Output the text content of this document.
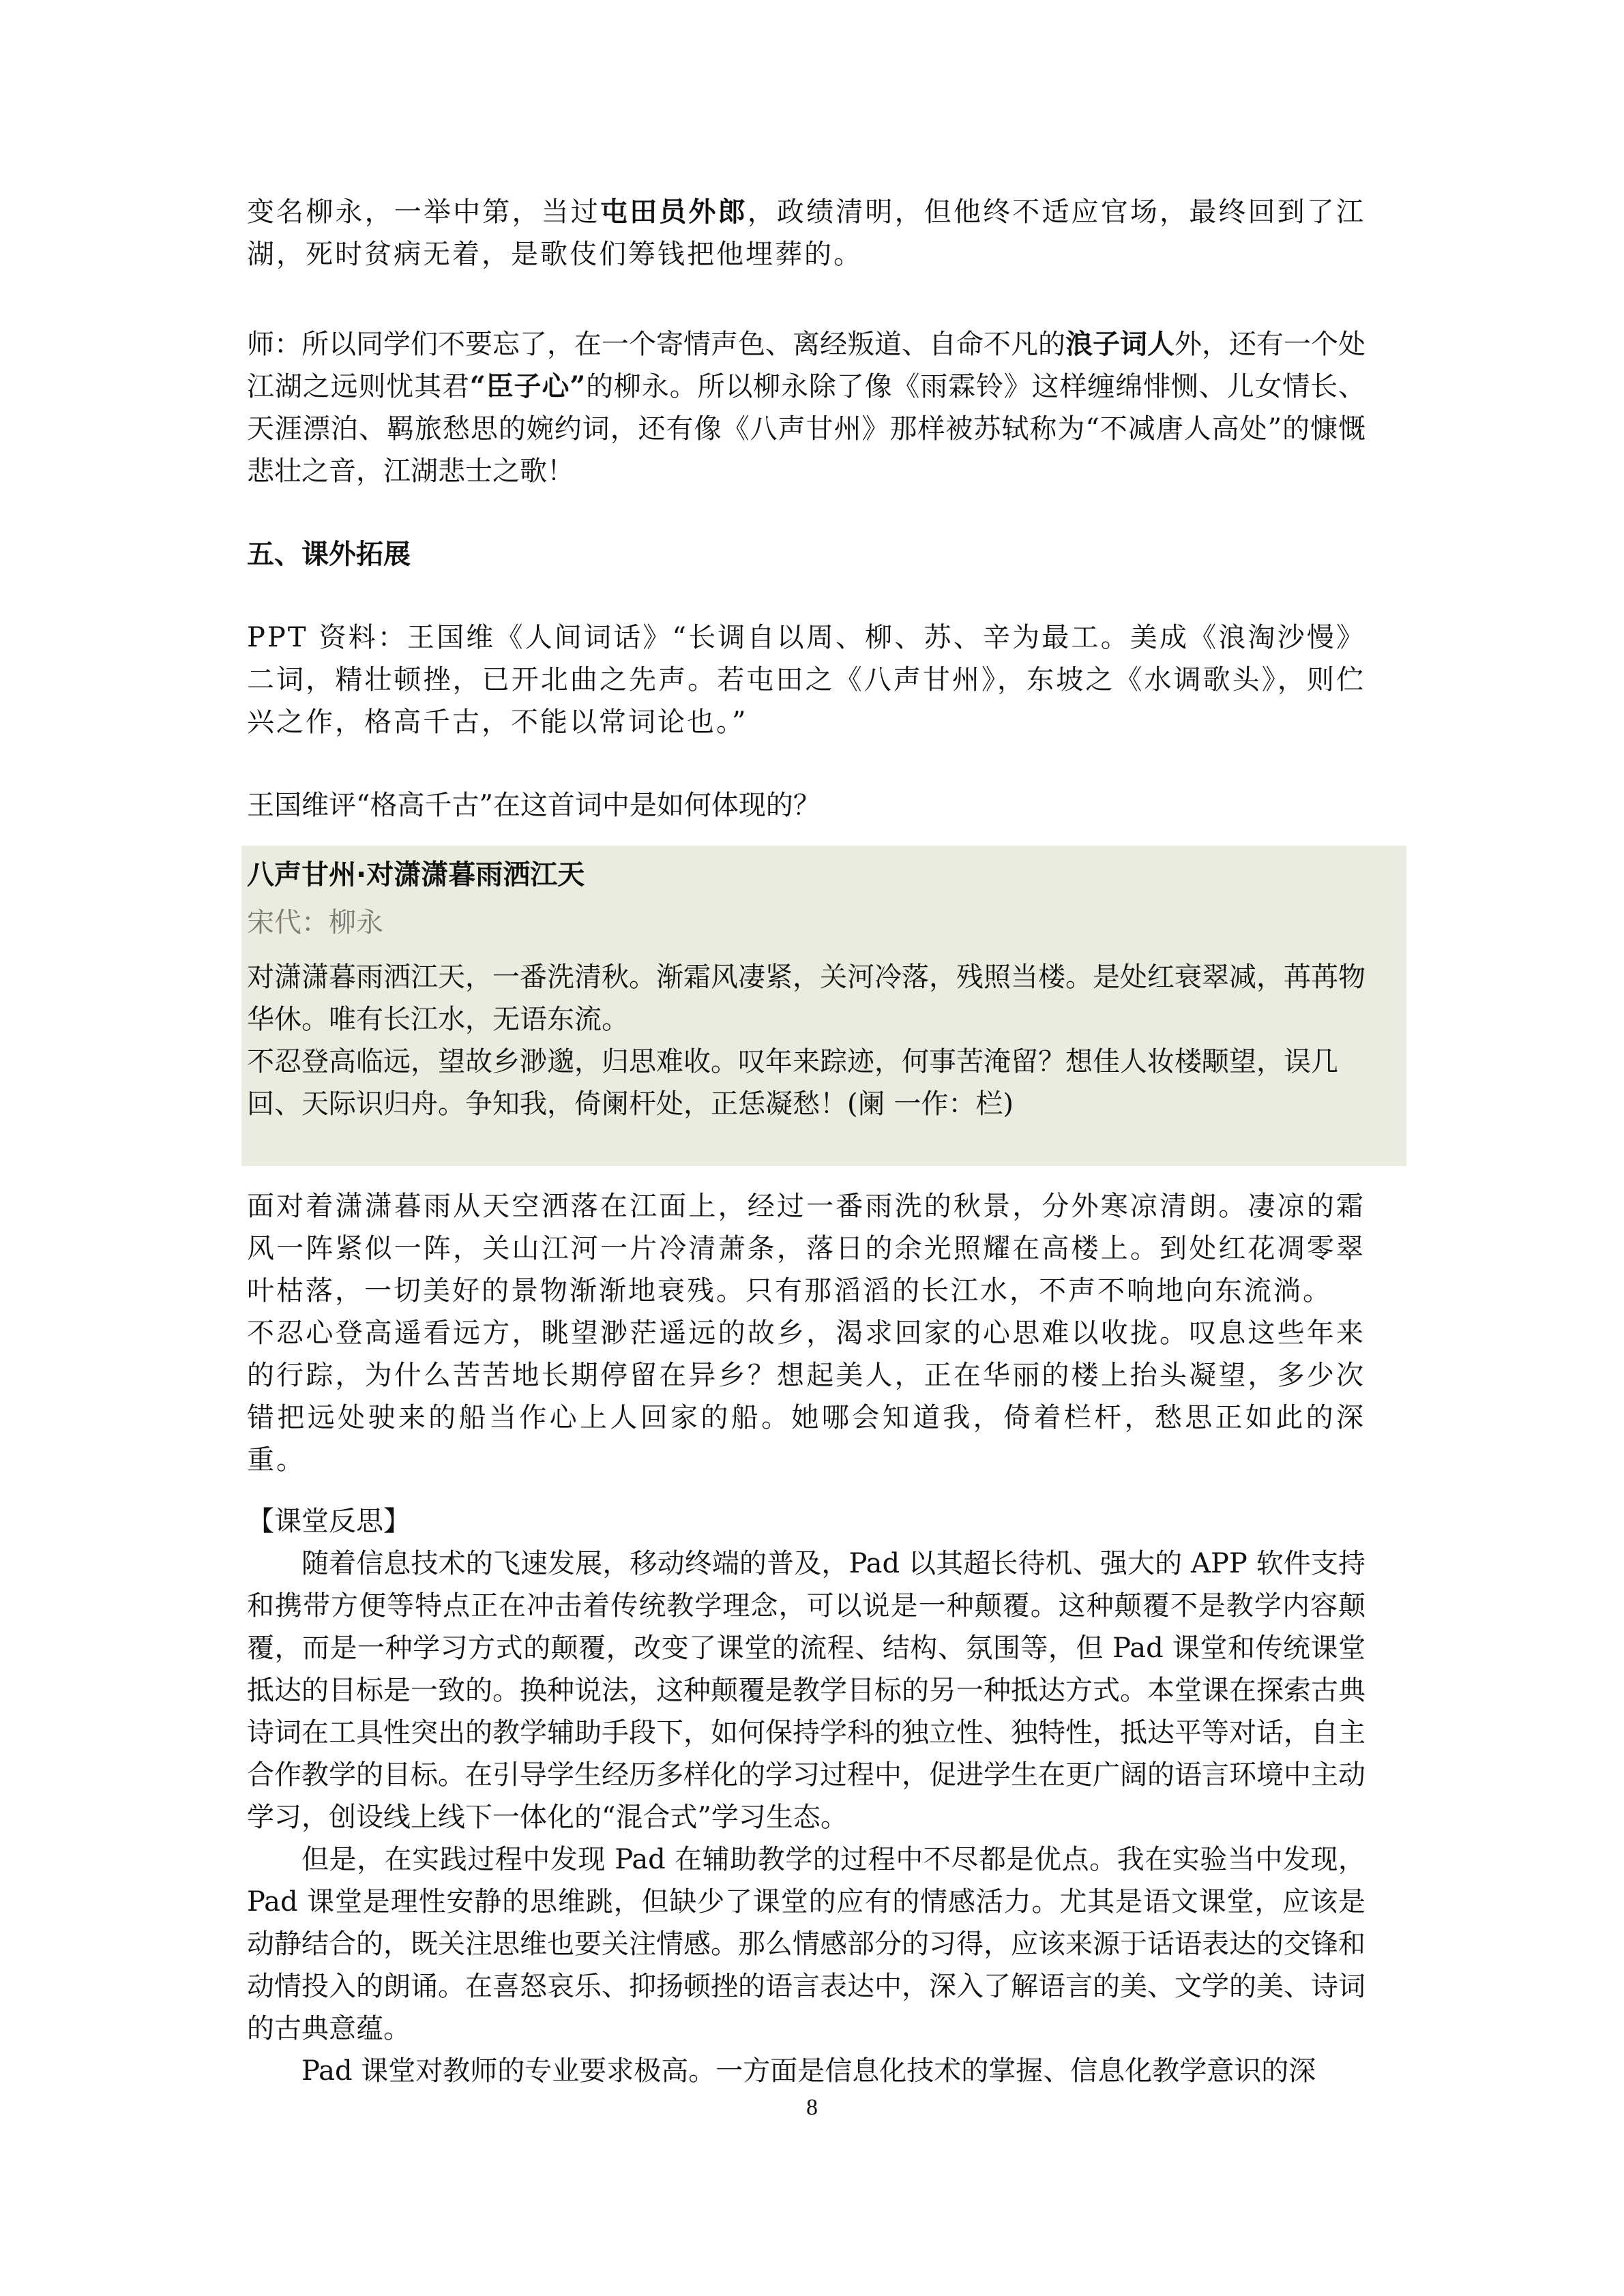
变名柳永，一举中第，当过屯田员外郎，政绩清明，但他终不适应官场，最终回到了江湖，死时贫病无着，是歌伎们筹钱把他埋葬的。

师：所以同学们不要忘了，在一个寄情声色、离经叛道、自命不凡的浪子词人外，还有一个处江湖之远则忧其君“臣子心”的柳永。所以柳永除了像《雨霖铃》这样缠绵悱恻、儿女情长、天涯漂泊、羁旅愁思的婉约词，还有像《八声甘州》那样被苏轼称为“不减唐人高处”的慷慨悲壮之音，江湖悲士之歌！

五、课外拓展

PPT 资料：王国维《人间词话》“长调自以周、柳、苏、辛为最工。美成《浪淘沙慢》二词，精壮顿挫，已开北曲之先声。若屯田之《八声甘州》，东坡之《水调歌头》，则伫兴之作，格高千古，不能以常词论也。”

王国维评“格高千古”在这首词中是如何体现的？

八声甘州·对潇潇暮雨洒江天

宋代：柳永

对潇潇暮雨洒江天，一番洗清秋。渐霜风凄紧，关河冷落，残照当楼。是处红衰翠减，苒苒物华休。唯有长江水，无语东流。

不忍登高临远，望故乡渺邈，归思难收。叹年来踪迹，何事苦淹留？想佳人妆楼颙望，误几回、天际识归舟。争知我，倚阑杆处，正恁凝愁！(阑 一作：栏)

面对着潇潇暮雨从天空洒落在江面上，经过一番雨洗的秋景，分外寒凉清朗。凄凉的霜风一阵紧似一阵，关山江河一片冷清萧条，落日的余光照耀在高楼上。到处红花凋零翠叶枯落，一切美好的景物渐渐地衰残。只有那滔滔的长江水，不声不响地向东流淌。

不忍心登高遥看远方，眺望渺茫遥远的故乡，渴求回家的心思难以收拢。叹息这些年来的行踪，为什么苦苦地长期停留在异乡？想起美人，正在华丽的楼上抬头凝望，多少次错把远处驶来的船当作心上人回家的船。她哪会知道我，倚着栏杆，愁思正如此的深重。

【课堂反思】

随着信息技术的飞速发展，移动终端的普及，Pad 以其超长待机、强大的 APP 软件支持和携带方便等特点正在冲击着传统教学理念，可以说是一种颠覆。这种颠覆不是教学内容颠覆，而是一种学习方式的颠覆，改变了课堂的流程、结构、氛围等，但 Pad 课堂和传统课堂抵达的目标是一致的。换种说法，这种颠覆是教学目标的另一种抵达方式。本堂课在探索古典诗词在工具性突出的教学辅助手段下，如何保持学科的独立性、独特性，抵达平等对话，自主合作教学的目标。在引导学生经历多样化的学习过程中，促进学生在更广阔的语言环境中主动学习，创设线上线下一体化的“混合式”学习生态。

但是，在实践过程中发现 Pad 在辅助教学的过程中不尽都是优点。我在实验当中发现，Pad 课堂是理性安静的思维跳，但缺少了课堂的应有的情感活力。尤其是语文课堂，应该是动静结合的，既关注思维也要关注情感。那么情感部分的习得，应该来源于话语表达的交锋和动情投入的朗诵。在喜怒哀乐、抑扬顿挫的语言表达中，深入了解语言的美、文学的美、诗词的古典意蕴。

Pad 课堂对教师的专业要求极高。一方面是信息化技术的掌握、信息化教学意识的深

8
